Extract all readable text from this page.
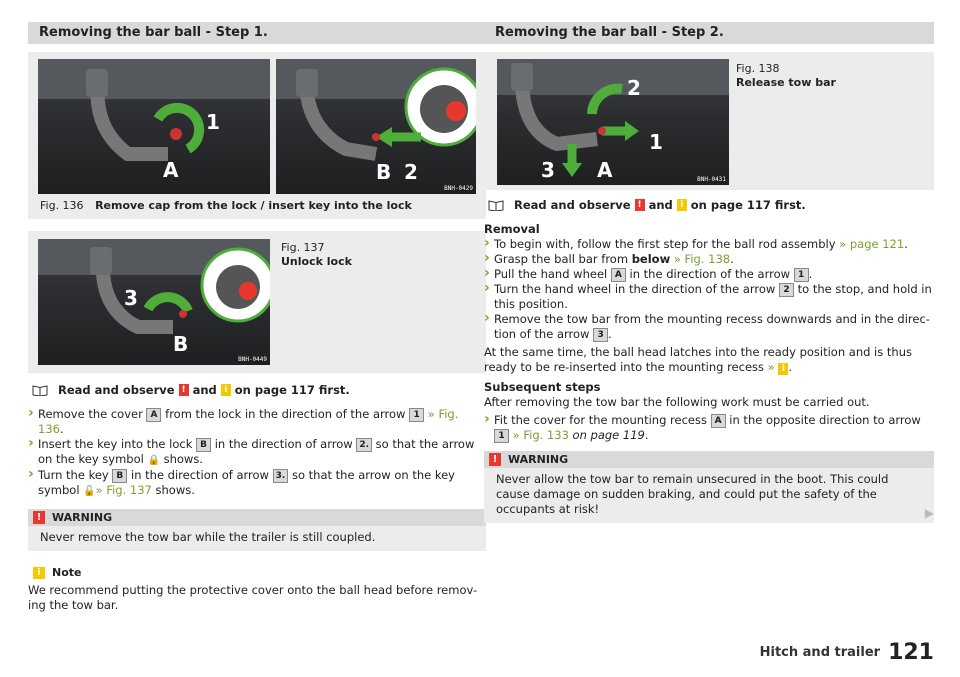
Removing the bar ball - Step 1.
1
A	B 2
BNH-0429
Fig. 136 Remove cap from the lock / insert key into the lock
3
B
BNH-0449
Fig. 137
Unlock lock
Read and observe ! and i on page 117 first.
› Remove the cover A from the lock in the direction of the arrow 1 » Fig. 136.
› Insert the key into the lock B in the direction of arrow 2. so that the arrow on the key symbol 🔒 shows.
› Turn the key B in the direction of arrow 3. so that the arrow on the key symbol 🔓» Fig. 137 shows.
! WARNING
Never remove the tow bar while the trailer is still coupled.
i	Note
We recommend putting the protective cover onto the ball head before remov-ing the tow bar.
Removing the bar ball - Step 2.
2
1
3 A	BNH-0431
Fig. 138
Release tow bar
Read and observe ! and i on page 117 first.
Removal
› To begin with, follow the first step for the ball rod assembly » page 121.
› Grasp the ball bar from below » Fig. 138.
› Pull the hand wheel A in the direction of the arrow 1 .
› Turn the hand wheel in the direction of the arrow 2 to the stop, and hold in this position.
› Remove the tow bar from the mounting recess downwards and in the direc-tion of the arrow 3 .
At the same time, the ball head latches into the ready position and is thus ready to be re-inserted into the mounting recess » i .
Subsequent steps
After removing the tow bar the following work must be carried out.
› Fit the cover for the mounting recess A in the opposite direction to arrow 1 » Fig. 133 on page 119.
! WARNING
Never allow the tow bar to remain unsecured in the boot. This could cause damage on sudden braking, and could put the safety of the occupants at risk!	▶
Hitch and trailer 121
